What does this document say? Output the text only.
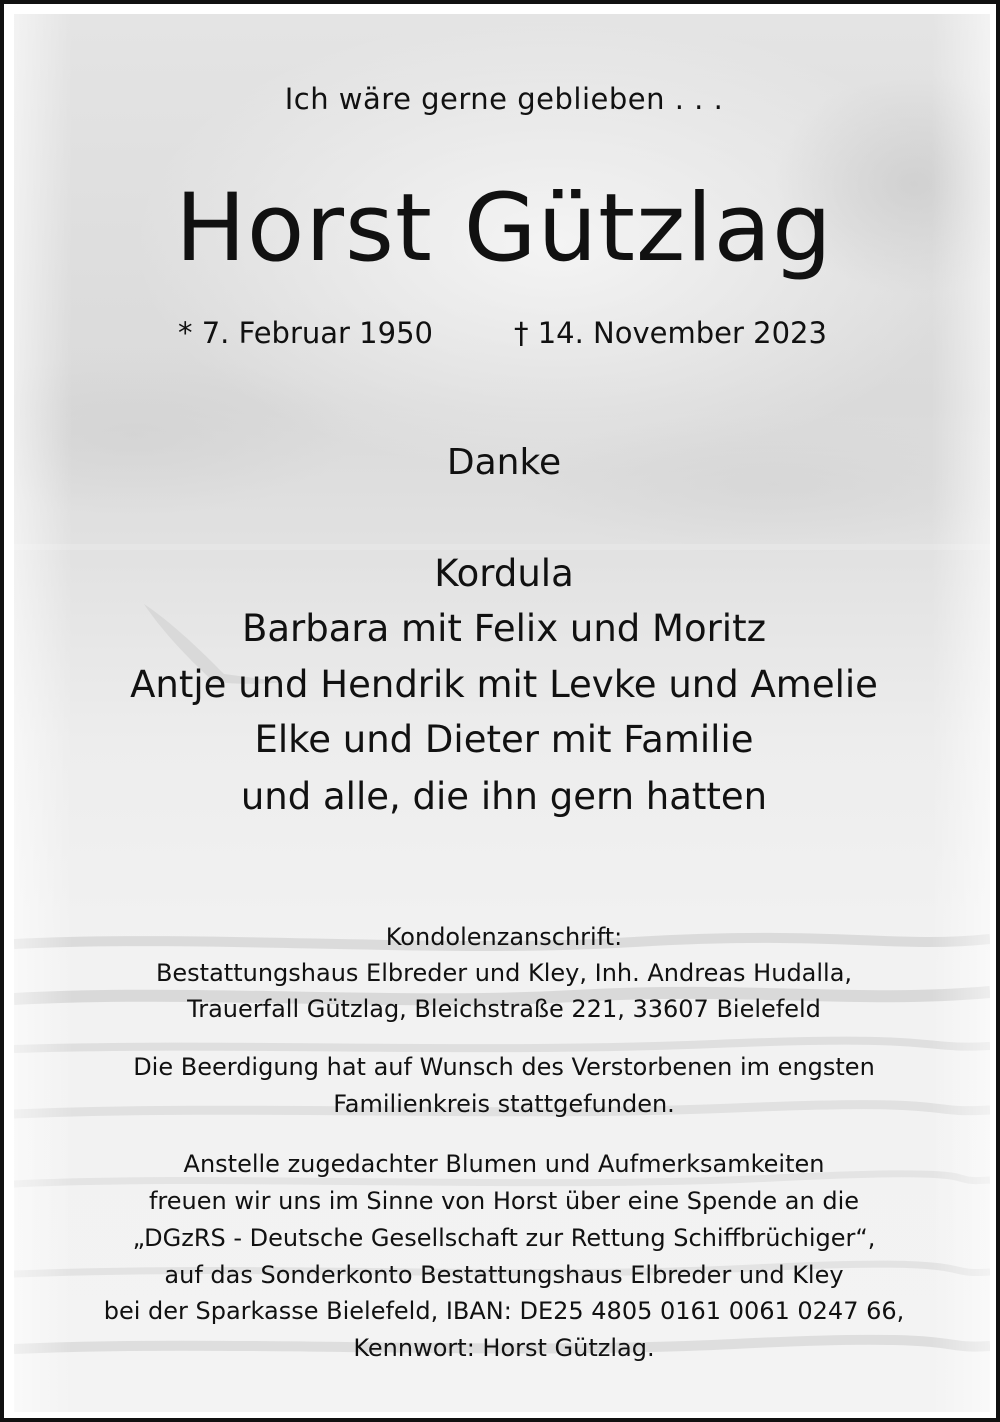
Ich wäre gerne geblieben . . .
Horst Gützlag
* 7. Februar 1950	† 14. November 2023
Danke
Kordula
Barbara mit Felix und Moritz
Antje und Hendrik mit Levke und Amelie
Elke und Dieter mit Familie
und alle, die ihn gern hatten
Kondolenzanschrift:
Bestattungshaus Elbreder und Kley, Inh. Andreas Hudalla,
Trauerfall Gützlag, Bleichstraße 221, 33607 Bielefeld
Die Beerdigung hat auf Wunsch des Verstorbenen im engsten
Familienkreis stattgefunden.
Anstelle zugedachter Blumen und Aufmerksamkeiten
freuen wir uns im Sinne von Horst über eine Spende an die
„DGzRS - Deutsche Gesellschaft zur Rettung Schiffbrüchiger“,
auf das Sonderkonto Bestattungshaus Elbreder und Kley
bei der Sparkasse Bielefeld, IBAN: DE25 4805 0161 0061 0247 66,
Kennwort: Horst Gützlag.
